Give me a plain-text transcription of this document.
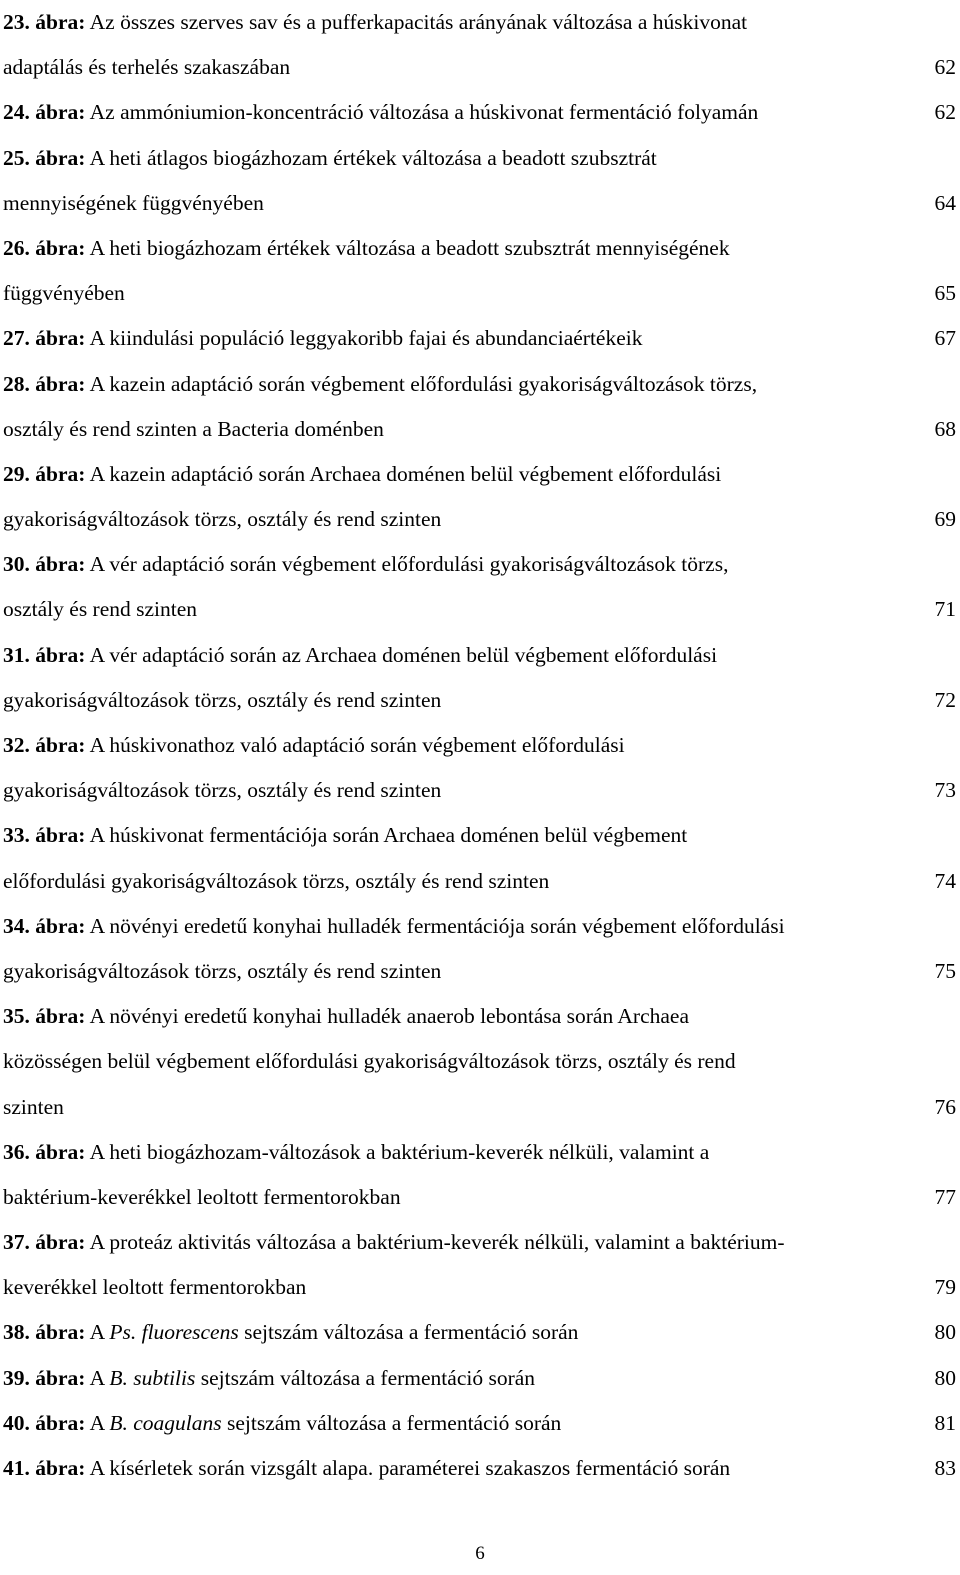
23. ábra: Az összes szerves sav és a pufferkapacitás arányának változása a húskivonat
adaptálás és terhelés szakaszában	62
24. ábra: Az ammóniumion-koncentráció változása a húskivonat fermentáció folyamán	62
25. ábra: A heti átlagos biogázhozam értékek változása a beadott szubsztrát
mennyiségének függvényében	64
26. ábra: A heti biogázhozam értékek változása a beadott szubsztrát mennyiségének
függvényében	65
27. ábra: A kiindulási populáció leggyakoribb fajai és abundanciaértékeik	67
28. ábra: A kazein adaptáció során végbement előfordulási gyakoriságváltozások törzs,
osztály és rend szinten a Bacteria doménben	68
29. ábra: A kazein adaptáció során Archaea doménen belül végbement előfordulási
gyakoriságváltozások törzs, osztály és rend szinten	69
30. ábra: A vér adaptáció során végbement előfordulási gyakoriságváltozások törzs,
osztály és rend szinten	71
31. ábra: A vér adaptáció során az Archaea doménen belül végbement előfordulási
gyakoriságváltozások törzs, osztály és rend szinten	72
32. ábra: A húskivonathoz való adaptáció során végbement előfordulási
gyakoriságváltozások törzs, osztály és rend szinten	73
33. ábra: A húskivonat fermentációja során Archaea doménen belül végbement
előfordulási gyakoriságváltozások törzs, osztály és rend szinten	74
34. ábra: A növényi eredetű konyhai hulladék fermentációja során végbement előfordulási
gyakoriságváltozások törzs, osztály és rend szinten	75
35. ábra: A növényi eredetű konyhai hulladék anaerob lebontása során Archaea
közösségen belül végbement előfordulási gyakoriságváltozások törzs, osztály és rend
szinten	76
36. ábra: A heti biogázhozam-változások a baktérium-keverék nélküli, valamint a
baktérium-keverékkel leoltott fermentorokban	77
37. ábra: A proteáz aktivitás változása a baktérium-keverék nélküli, valamint a baktérium-
keverékkel leoltott fermentorokban	79
38. ábra: A Ps. fluorescens sejtszám változása a fermentáció során	80
39. ábra: A B. subtilis sejtszám változása a fermentáció során	80
40. ábra: A B. coagulans sejtszám változása a fermentáció során	81
41. ábra: A kísérletek során vizsgált alapa. paraméterei szakaszos fermentáció során	83
6
